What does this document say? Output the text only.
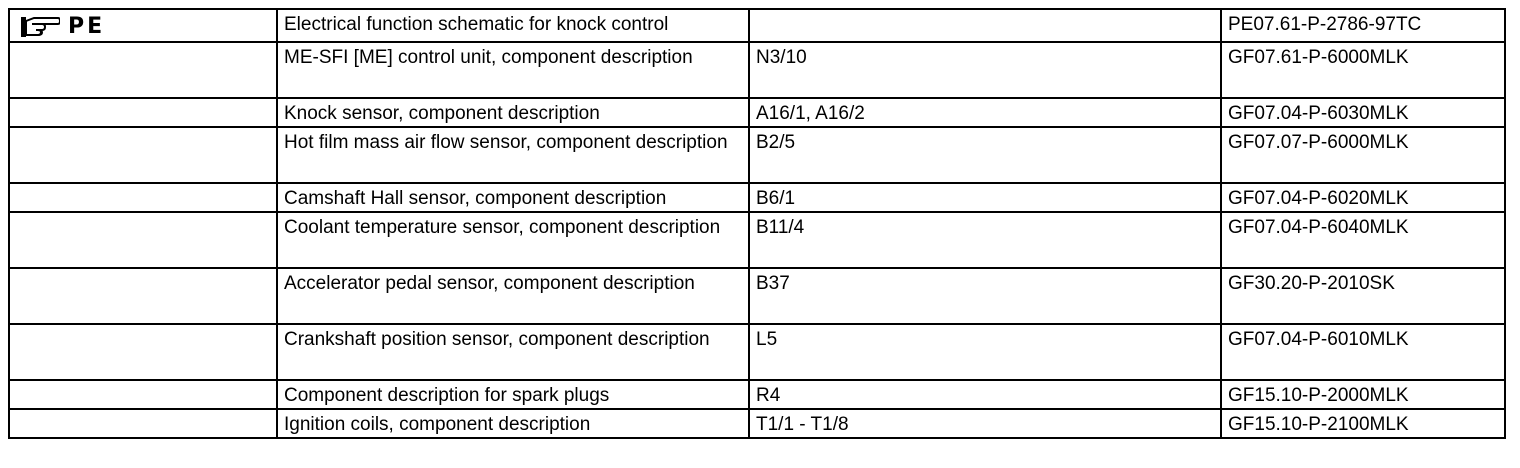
PE	Electrical function schematic for knock control		PE07.61-P-2786-97TC
	ME-SFI [ME] control unit, component description	N3/10	GF07.61-P-6000MLK
	Knock sensor, component description	A16/1, A16/2	GF07.04-P-6030MLK
	Hot film mass air flow sensor, component description	B2/5	GF07.07-P-6000MLK
	Camshaft Hall sensor, component description	B6/1	GF07.04-P-6020MLK
	Coolant temperature sensor, component description	B11/4	GF07.04-P-6040MLK
	Accelerator pedal sensor, component description	B37	GF30.20-P-2010SK
	Crankshaft position sensor, component description	L5	GF07.04-P-6010MLK
	Component description for spark plugs	R4	GF15.10-P-2000MLK
	Ignition coils, component description	T1/1 - T1/8	GF15.10-P-2100MLK
